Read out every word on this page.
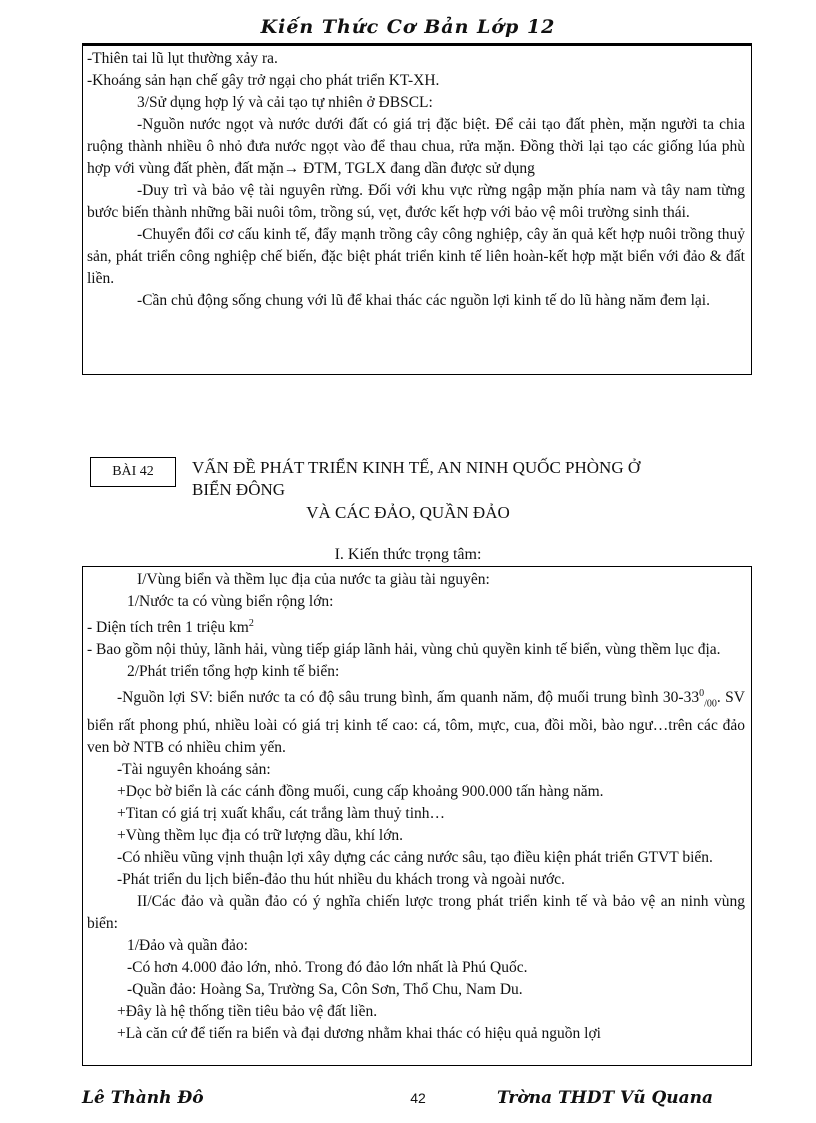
Kiến Thức Cơ Bản Lớp 12

-Thiên tai lũ lụt thường xảy ra.

-Khoáng sản hạn chế gây trở ngại cho phát triển KT-XH.

3/Sử dụng hợp lý và cải tạo tự nhiên ở ĐBSCL:

-Nguồn nước ngọt và nước dưới đất có giá trị đặc biệt. Để cải tạo đất phèn, mặn người ta chia ruộng thành nhiều ô nhỏ đưa nước ngọt vào để thau chua, rửa mặn. Đồng thời lại tạo các giống lúa phù hợp với vùng đất phèn, đất mặn→ ĐTM, TGLX đang dần được sử dụng

-Duy trì và bảo vệ tài nguyên rừng. Đối với khu vực rừng ngập mặn phía nam và tây nam từng bước biến thành những bãi nuôi tôm, trồng sú, vẹt, đước kết hợp với bảo vệ môi trường sinh thái.

-Chuyển đổi cơ cấu kinh tế, đẩy mạnh trồng cây công nghiệp, cây ăn quả kết hợp nuôi trồng thuỷ sản, phát triển công nghiệp chế biến, đặc biệt phát triển kinh tế liên hoàn-kết hợp mặt biển với đảo & đất liền.

-Cần chủ động sống chung với lũ để khai thác các nguồn lợi kinh tế do lũ hàng năm đem lại.

BÀI 42	VẤN ĐỀ PHÁT TRIỂN KINH TẾ, AN NINH QUỐC PHÒNG Ở
BIỂN ĐÔNG
VÀ CÁC ĐẢO, QUẦN ĐẢO
I. Kiến thức trọng tâm:

I/Vùng biển và thềm lục địa của nước ta giàu tài nguyên:

1/Nước ta có vùng biển rộng lớn:

- Diện tích trên 1 triệu $km^2$

- Bao gồm nội thủy, lãnh hải, vùng tiếp giáp lãnh hải, vùng chủ quyền kinh tế biển, vùng thềm lục địa.

2/Phát triển tổng hợp kinh tế biển:

-Nguồn lợi SV: biển nước ta có độ sâu trung bình, ấm quanh năm, độ muối trung bình $30-33^0_{/00}$. SV biển rất phong phú, nhiều loài có giá trị kinh tế cao: cá, tôm, mực, cua, đồi mồi, bào ngư…trên các đảo ven bờ NTB có nhiều chim yến.

-Tài nguyên khoáng sản:

+Dọc bờ biển là các cánh đồng muối, cung cấp khoảng 900.000 tấn hàng năm.

+Titan có giá trị xuất khẩu, cát trắng làm thuỷ tinh…

+Vùng thềm lục địa có trữ lượng dầu, khí lớn.

-Có nhiều vũng vịnh thuận lợi xây dựng các cảng nước sâu, tạo điều kiện phát triển GTVT biển.

-Phát triển du lịch biển-đảo thu hút nhiều du khách trong và ngoài nước.

II/Các đảo và quần đảo có ý nghĩa chiến lược trong phát triển kinh tế và bảo vệ an ninh vùng biển:

1/Đảo và quần đảo:

-Có hơn 4.000 đảo lớn, nhỏ. Trong đó đảo lớn nhất là Phú Quốc.

-Quần đảo: Hoàng Sa, Trường Sa, Côn Sơn, Thổ Chu, Nam Du.

+Đây là hệ thống tiền tiêu bảo vệ đất liền.

+Là căn cứ để tiến ra biển và đại dương nhằm khai thác có hiệu quả nguồn lợi

Lê Thành Đô	42	Trờna THDT Vũ Quana
